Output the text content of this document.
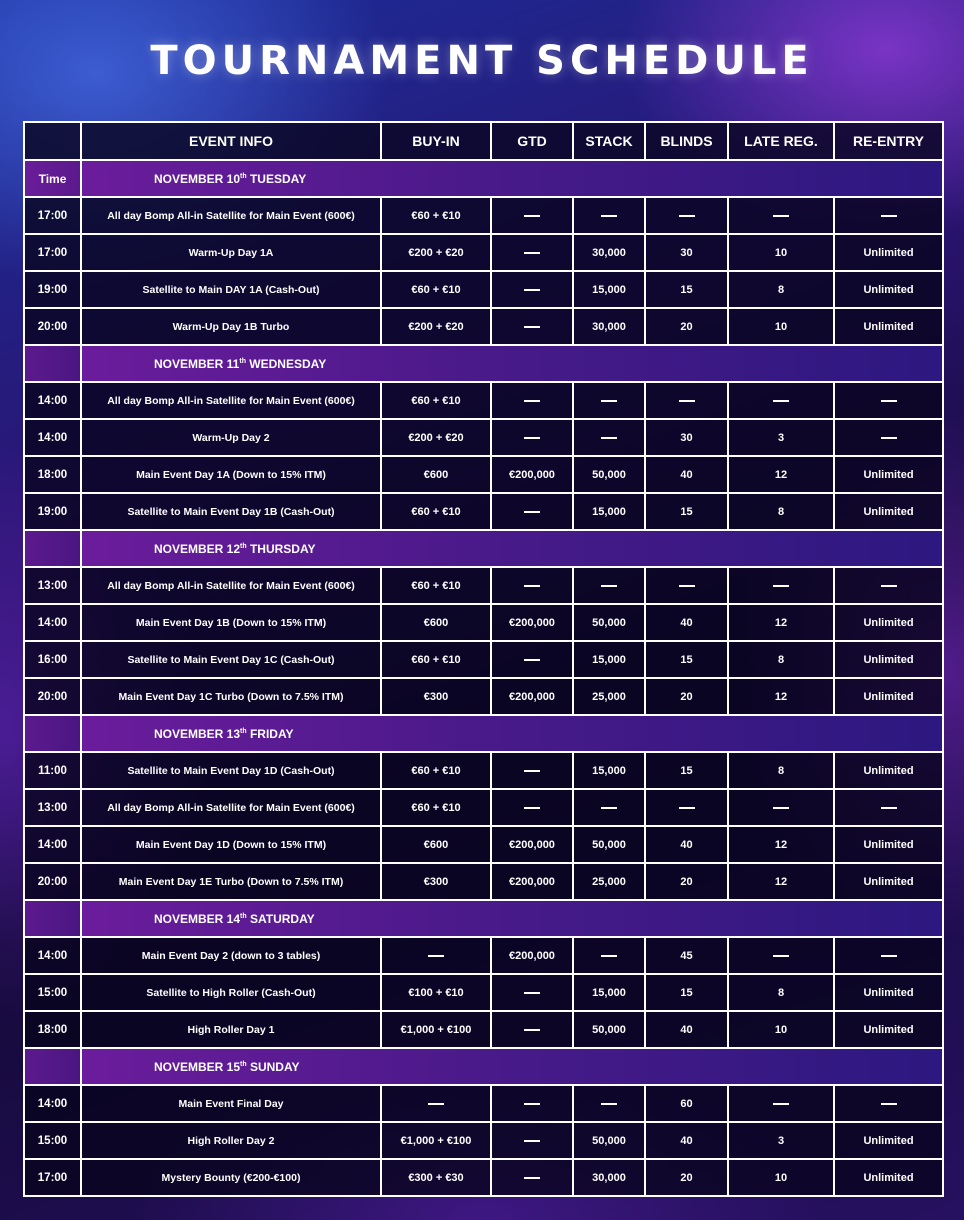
TOURNAMENT SCHEDULE
	EVENT INFO	BUY-IN	GTD	STACK	BLINDS	LATE REG.	RE-ENTRY
Time	NOVEMBER 10th TUESDAY						
17:00	All day Bomp All-in Satellite for Main Event (600€)	€60 + €10					
17:00	Warm-Up Day 1A	€200 + €20		30,000	30	10	Unlimited
19:00	Satellite to Main DAY 1A (Cash-Out)	€60 + €10		15,000	15	8	Unlimited
20:00	Warm-Up Day 1B Turbo	€200 + €20		30,000	20	10	Unlimited
	NOVEMBER 11th WEDNESDAY						
14:00	All day Bomp All-in Satellite for Main Event (600€)	€60 + €10					
14:00	Warm-Up Day 2	€200 + €20			30	3	
18:00	Main Event Day 1A (Down to 15% ITM)	€600	€200,000	50,000	40	12	Unlimited
19:00	Satellite to Main Event Day 1B (Cash-Out)	€60 + €10		15,000	15	8	Unlimited
	NOVEMBER 12th THURSDAY						
13:00	All day Bomp All-in Satellite for Main Event (600€)	€60 + €10					
14:00	Main Event Day 1B (Down to 15% ITM)	€600	€200,000	50,000	40	12	Unlimited
16:00	Satellite to Main Event Day 1C (Cash-Out)	€60 + €10		15,000	15	8	Unlimited
20:00	Main Event Day 1C Turbo (Down to 7.5% ITM)	€300	€200,000	25,000	20	12	Unlimited
	NOVEMBER 13th FRIDAY						
11:00	Satellite to Main Event Day 1D (Cash-Out)	€60 + €10		15,000	15	8	Unlimited
13:00	All day Bomp All-in Satellite for Main Event (600€)	€60 + €10					
14:00	Main Event Day 1D (Down to 15% ITM)	€600	€200,000	50,000	40	12	Unlimited
20:00	Main Event Day 1E Turbo (Down to 7.5% ITM)	€300	€200,000	25,000	20	12	Unlimited
	NOVEMBER 14th SATURDAY						
14:00	Main Event Day 2 (down to 3 tables)		€200,000		45		
15:00	Satellite to High Roller (Cash-Out)	€100 + €10		15,000	15	8	Unlimited
18:00	High Roller Day 1	€1,000 + €100		50,000	40	10	Unlimited
	NOVEMBER 15th SUNDAY						
14:00	Main Event Final Day				60		
15:00	High Roller Day 2	€1,000 + €100		50,000	40	3	Unlimited
17:00	Mystery Bounty (€200-€100)	€300 + €30		30,000	20	10	Unlimited
